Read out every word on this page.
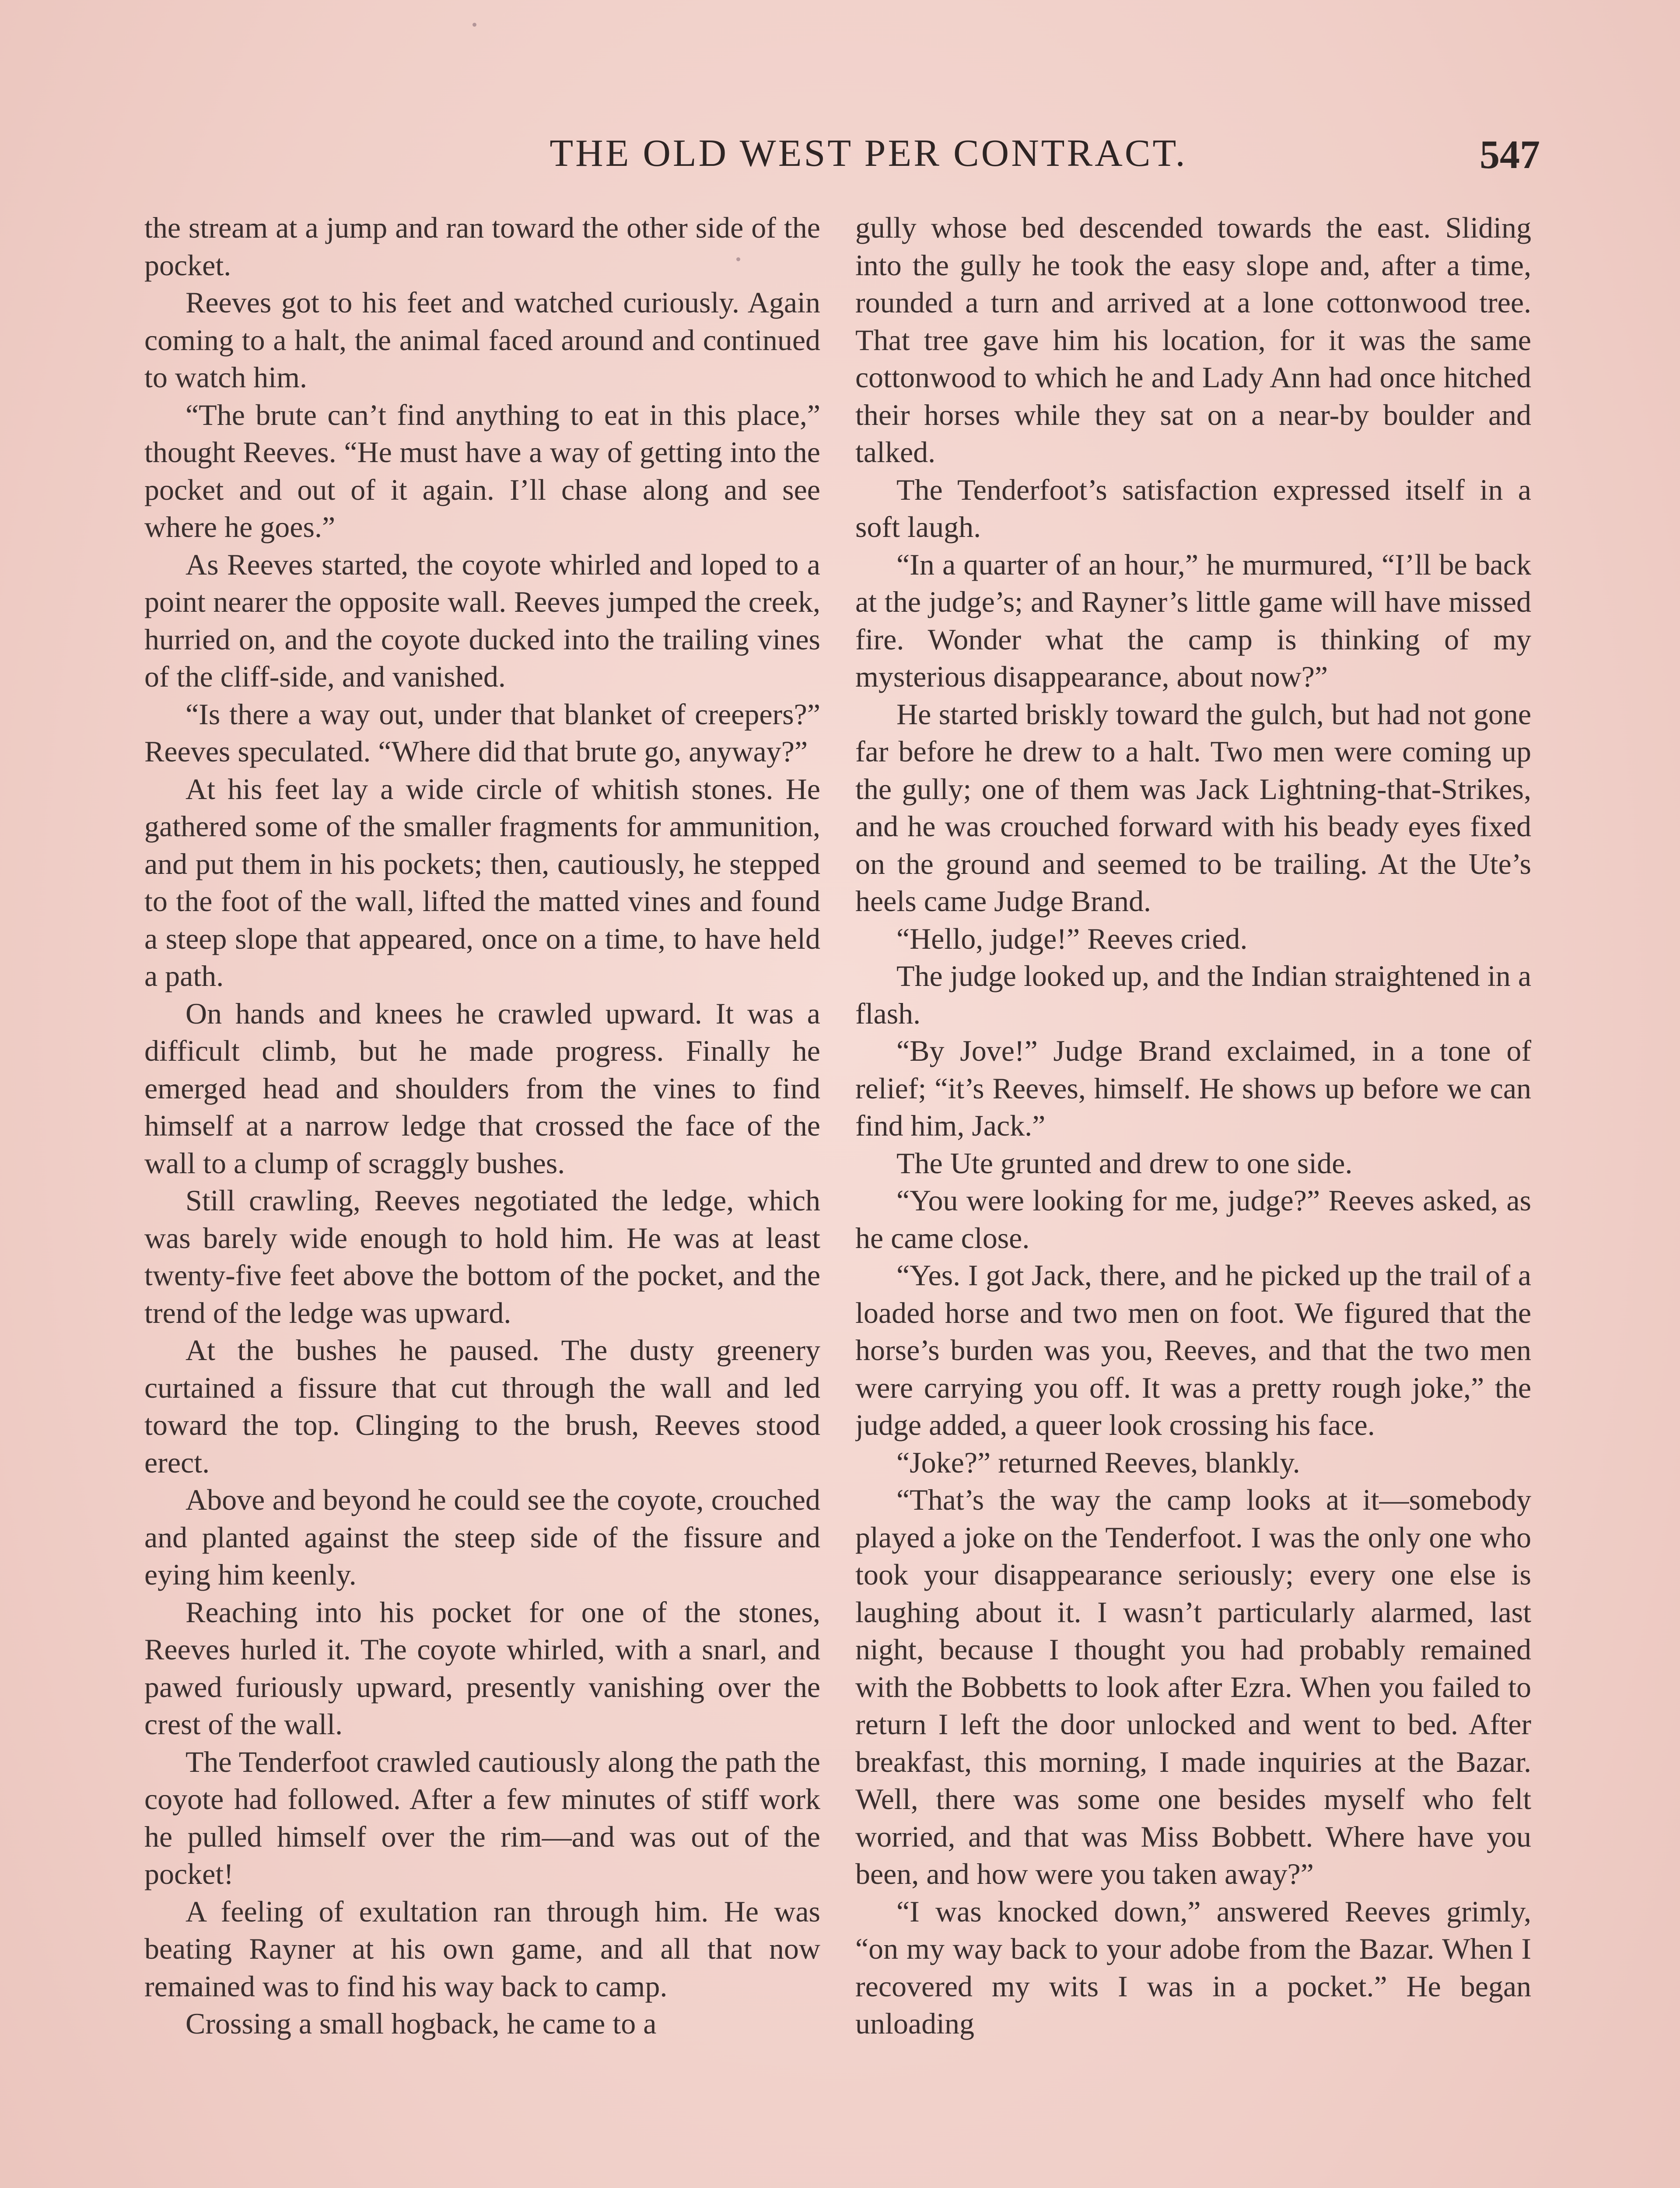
THE OLD WEST PER CONTRACT.	547

the stream at a jump and ran toward the other side of the pocket.

Reeves got to his feet and watched curiously. Again coming to a halt, the animal faced around and continued to watch him.

“The brute can’t find anything to eat in this place,” thought Reeves. “He must have a way of getting into the pocket and out of it again. I’ll chase along and see where he goes.”

As Reeves started, the coyote whirled and loped to a point nearer the opposite wall. Reeves jumped the creek, hurried on, and the coyote ducked into the trailing vines of the cliff-side, and vanished.

“Is there a way out, under that blanket of creepers?” Reeves speculated. “Where did that brute go, anyway?”

At his feet lay a wide circle of whitish stones. He gathered some of the smaller fragments for ammunition, and put them in his pockets; then, cautiously, he stepped to the foot of the wall, lifted the matted vines and found a steep slope that appeared, once on a time, to have held a path.

On hands and knees he crawled upward. It was a difficult climb, but he made progress. Finally he emerged head and shoulders from the vines to find himself at a narrow ledge that crossed the face of the wall to a clump of scraggly bushes.

Still crawling, Reeves negotiated the ledge, which was barely wide enough to hold him. He was at least twenty-five feet above the bottom of the pocket, and the trend of the ledge was upward.

At the bushes he paused. The dusty greenery curtained a fissure that cut through the wall and led toward the top. Clinging to the brush, Reeves stood erect.

Above and beyond he could see the coyote, crouched and planted against the steep side of the fissure and eying him keenly.

Reaching into his pocket for one of the stones, Reeves hurled it. The coyote whirled, with a snarl, and pawed furiously upward, presently vanishing over the crest of the wall.

The Tenderfoot crawled cautiously along the path the coyote had followed. After a few minutes of stiff work he pulled himself over the rim—and was out of the pocket!

A feeling of exultation ran through him. He was beating Rayner at his own game, and all that now remained was to find his way back to camp.

Crossing a small hogback, he came to a

gully whose bed descended towards the east. Sliding into the gully he took the easy slope and, after a time, rounded a turn and arrived at a lone cottonwood tree. That tree gave him his location, for it was the same cottonwood to which he and Lady Ann had once hitched their horses while they sat on a near-by boulder and talked.

The Tenderfoot’s satisfaction expressed itself in a soft laugh.

“In a quarter of an hour,” he murmured, “I’ll be back at the judge’s; and Rayner’s little game will have missed fire. Wonder what the camp is thinking of my mysterious disappearance, about now?”

He started briskly toward the gulch, but had not gone far before he drew to a halt. Two men were coming up the gully; one of them was Jack Lightning-that-Strikes, and he was crouched forward with his beady eyes fixed on the ground and seemed to be trailing. At the Ute’s heels came Judge Brand.

“Hello, judge!” Reeves cried.

The judge looked up, and the Indian straightened in a flash.

“By Jove!” Judge Brand exclaimed, in a tone of relief; “it’s Reeves, himself. He shows up before we can find him, Jack.”

The Ute grunted and drew to one side.

“You were looking for me, judge?” Reeves asked, as he came close.

“Yes. I got Jack, there, and he picked up the trail of a loaded horse and two men on foot. We figured that the horse’s burden was you, Reeves, and that the two men were carrying you off. It was a pretty rough joke,” the judge added, a queer look crossing his face.

“Joke?” returned Reeves, blankly.

“That’s the way the camp looks at it—somebody played a joke on the Tenderfoot. I was the only one who took your disappearance seriously; every one else is laughing about it. I wasn’t particularly alarmed, last night, because I thought you had probably remained with the Bobbetts to look after Ezra. When you failed to return I left the door unlocked and went to bed. After breakfast, this morning, I made inquiries at the Bazar. Well, there was some one besides myself who felt worried, and that was Miss Bobbett. Where have you been, and how were you taken away?”

“I was knocked down,” answered Reeves grimly, “on my way back to your adobe from the Bazar. When I recovered my wits I was in a pocket.” He began unloading
